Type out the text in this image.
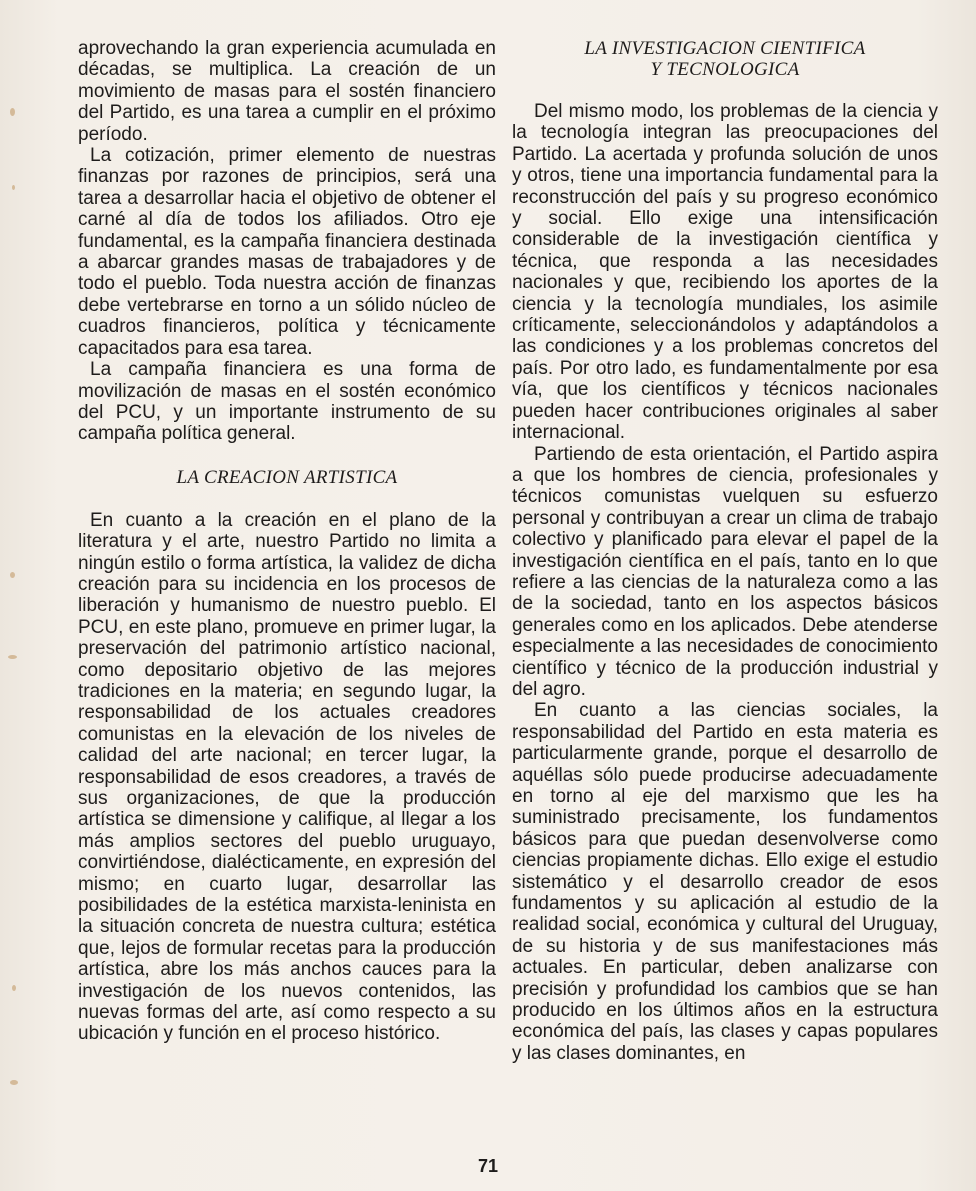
aprovechando la gran experiencia acumulada en décadas, se multiplica. La creación de un movimiento de masas para el sostén financiero del Partido, es una tarea a cumplir en el próximo período.

La cotización, primer elemento de nuestras finanzas por razones de principios, será una tarea a desarrollar hacia el objetivo de obtener el carné al día de todos los afiliados. Otro eje fundamental, es la campaña financiera destinada a abarcar grandes masas de trabajadores y de todo el pueblo. Toda nuestra acción de finanzas debe vertebrarse en torno a un sólido núcleo de cuadros financieros, política y técnicamente capacitados para esa tarea.

La campaña financiera es una forma de movilización de masas en el sostén económico del PCU, y un importante instrumento de su campaña política general.

LA CREACION ARTISTICA

En cuanto a la creación en el plano de la literatura y el arte, nuestro Partido no limita a ningún estilo o forma artística, la validez de dicha creación para su incidencia en los procesos de liberación y humanismo de nuestro pueblo. El PCU, en este plano, promueve en primer lugar, la preservación del patrimonio artístico nacional, como depositario objetivo de las mejores tradiciones en la materia; en segundo lugar, la responsabilidad de los actuales creadores comunistas en la elevación de los niveles de calidad del arte nacional; en tercer lugar, la responsabilidad de esos creadores, a través de sus organizaciones, de que la producción artística se dimensione y califique, al llegar a los más amplios sectores del pueblo uruguayo, convirtiéndose, dialécticamente, en expresión del mismo; en cuarto lugar, desarrollar las posibilidades de la estética marxista-leninista en la situación concreta de nuestra cultura; estética que, lejos de formular recetas para la producción artística, abre los más anchos cauces para la investigación de los nuevos contenidos, las nuevas formas del arte, así como respecto a su ubicación y función en el proceso histórico.

LA INVESTIGACION CIENTIFICA
Y TECNOLOGICA

Del mismo modo, los problemas de la ciencia y la tecnología integran las preocupaciones del Partido. La acertada y profunda solución de unos y otros, tiene una importancia fundamental para la reconstrucción del país y su progreso económico y social. Ello exige una intensificación considerable de la investigación científica y técnica, que responda a las necesidades nacionales y que, recibiendo los aportes de la ciencia y la tecnología mundiales, los asimile críticamente, seleccionándolos y adaptándolos a las condiciones y a los problemas concretos del país. Por otro lado, es fundamentalmente por esa vía, que los científicos y técnicos nacionales pueden hacer contribuciones originales al saber internacional.

Partiendo de esta orientación, el Partido aspira a que los hombres de ciencia, profesionales y técnicos comunistas vuelquen su esfuerzo personal y contribuyan a crear un clima de trabajo colectivo y planificado para elevar el papel de la investigación científica en el país, tanto en lo que refiere a las ciencias de la naturaleza como a las de la sociedad, tanto en los aspectos básicos generales como en los aplicados. Debe atenderse especialmente a las necesidades de conocimiento científico y técnico de la producción industrial y del agro.

En cuanto a las ciencias sociales, la responsabilidad del Partido en esta materia es particularmente grande, porque el desarrollo de aquéllas sólo puede producirse adecuadamente en torno al eje del marxismo que les ha suministrado precisamente, los fundamentos básicos para que puedan desenvolverse como ciencias propiamente dichas. Ello exige el estudio sistemático y el desarrollo creador de esos fundamentos y su aplicación al estudio de la realidad social, económica y cultural del Uruguay, de su historia y de sus manifestaciones más actuales. En particular, deben analizarse con precisión y profundidad los cambios que se han producido en los últimos años en la estructura económica del país, las clases y capas populares y las clases dominantes, en

71
